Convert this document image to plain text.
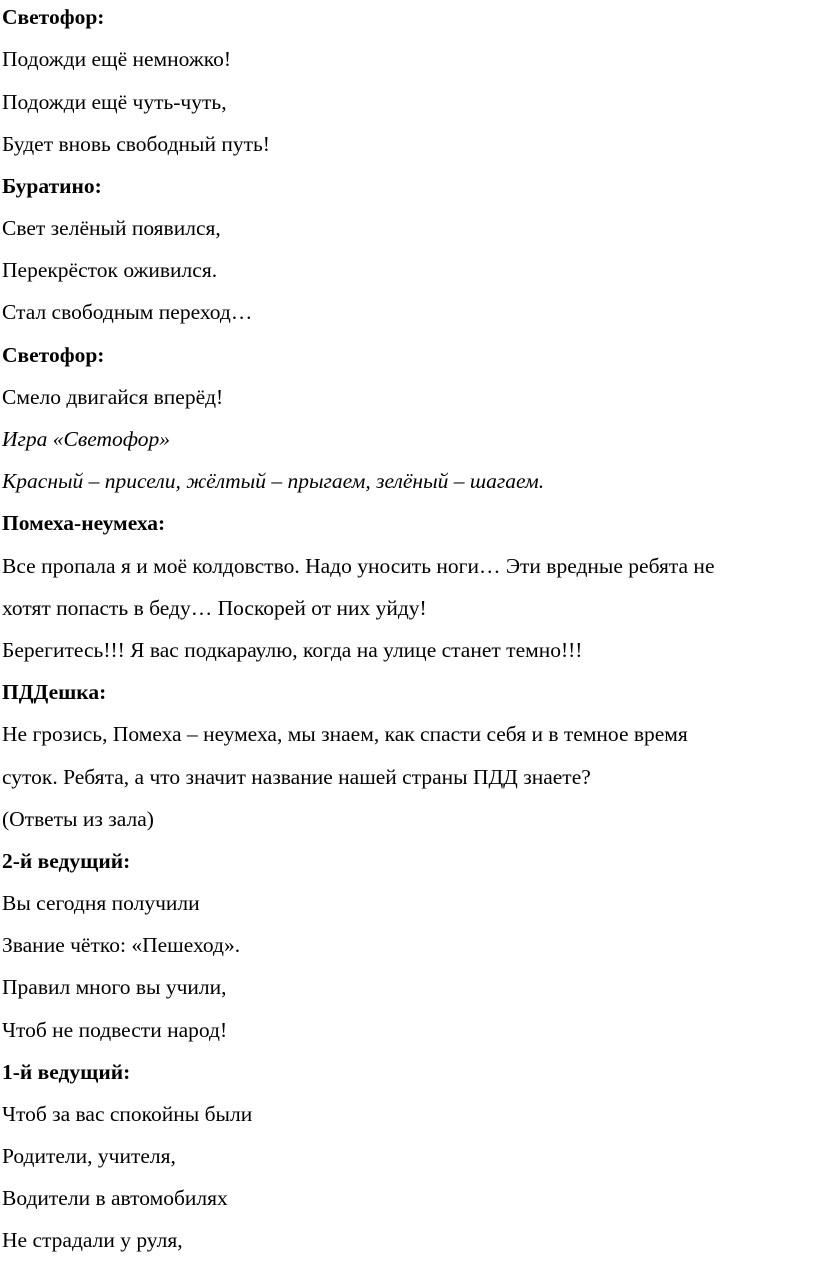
Светофор:
Подожди ещё немножко!
Подожди ещё чуть-чуть,
Будет вновь свободный путь!
Буратино:
Свет зелёный появился,
Перекрёсток оживился.
Стал свободным переход…
Светофор:
Смело двигайся вперёд!
Игра «Светофор»
Красный – присели, жёлтый – прыгаем, зелёный – шагаем.
Помеха-неумеха:
Все пропала я и моё колдовство. Надо уносить ноги… Эти вредные ребята не
хотят попасть в беду… Поскорей от них уйду!
Берегитесь!!! Я вас подкараулю, когда на улице станет темно!!!
ПДДешка:
Не грозись, Помеха – неумеха, мы знаем, как спасти себя и в темное время
суток. Ребята, а что значит название нашей страны ПДД знаете?
(Ответы из зала)
2-й ведущий:
Вы сегодня получили
Звание чётко: «Пешеход».
Правил много вы учили,
Чтоб не подвести народ!
1-й ведущий:
Чтоб за вас спокойны были
Родители, учителя,
Водители в автомобилях
Не страдали у руля,
